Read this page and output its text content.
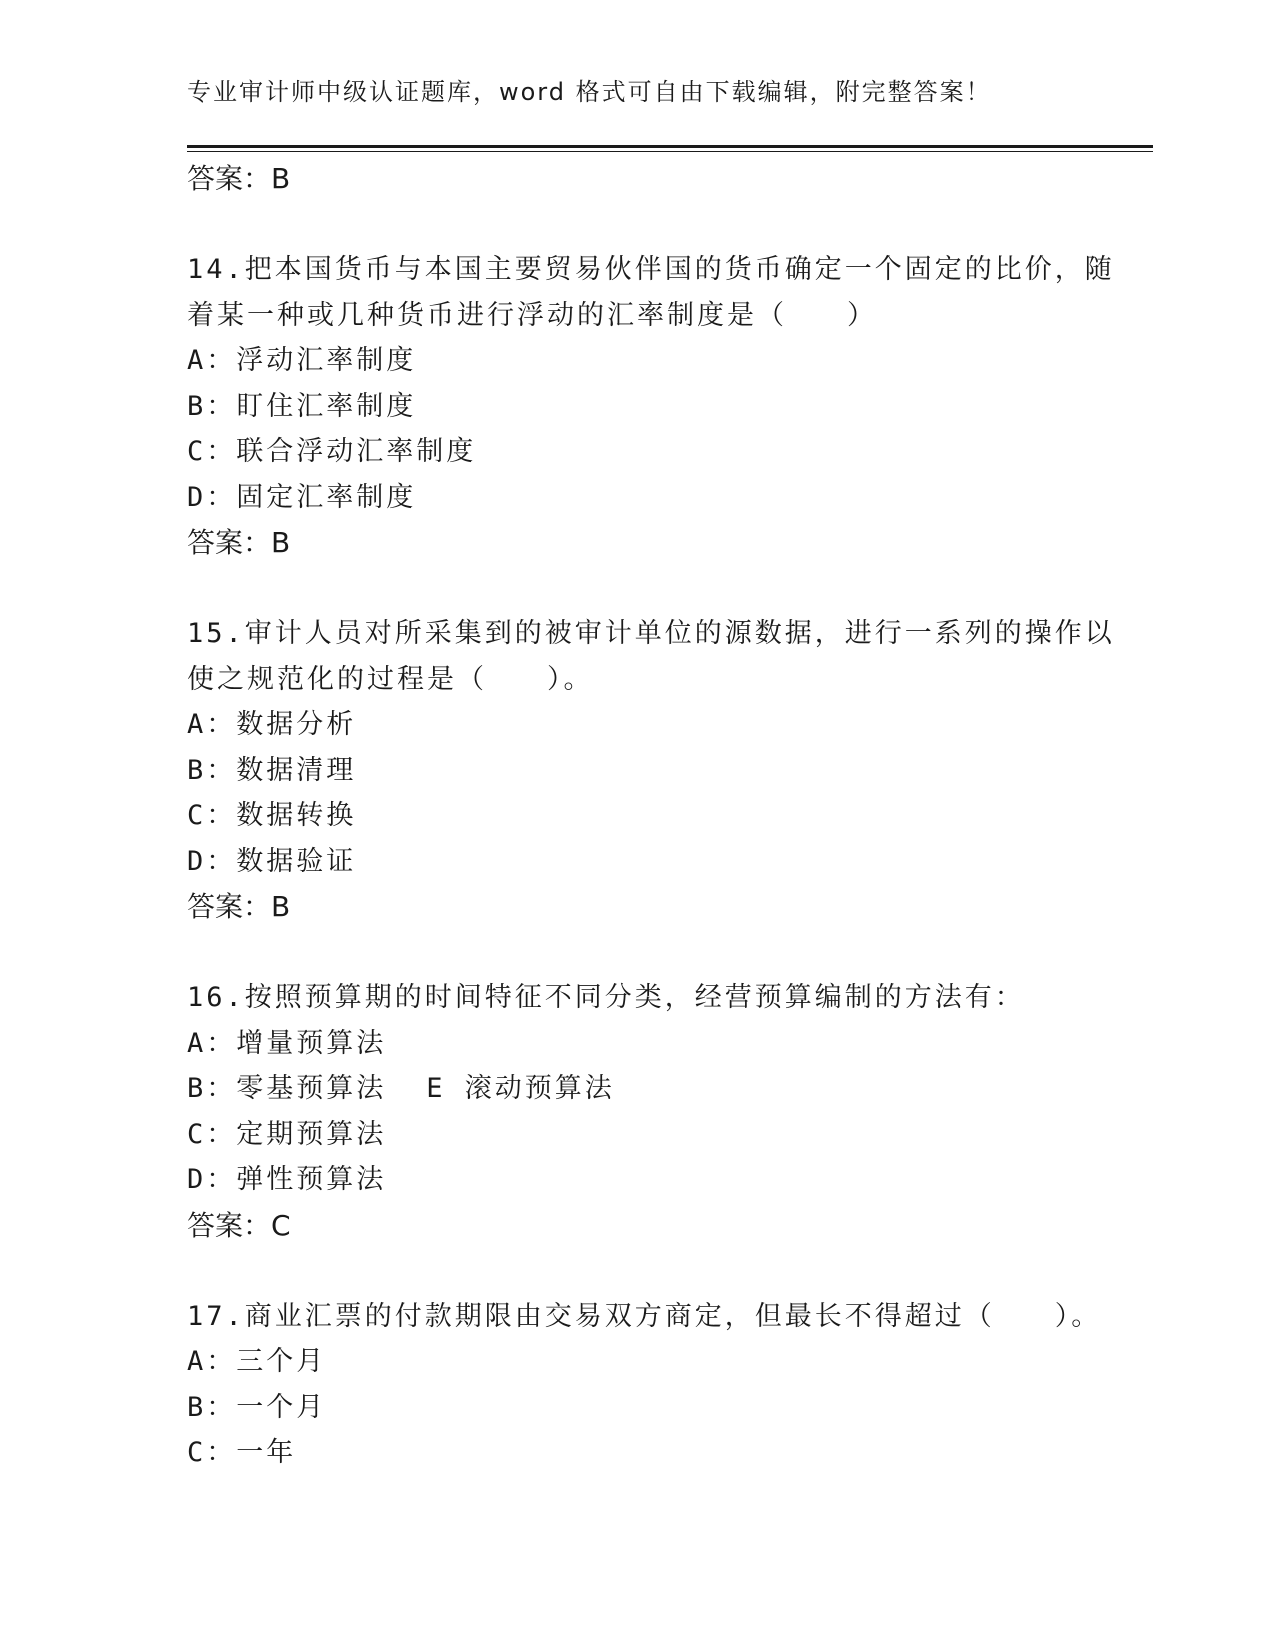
专业审计师中级认证题库，word 格式可自由下载编辑，附完整答案！
答案：B
14.把本国货币与本国主要贸易伙伴国的货币确定一个固定的比价，随
着某一种或几种货币进行浮动的汇率制度是（　　）
A：浮动汇率制度
B：盯住汇率制度
C：联合浮动汇率制度
D：固定汇率制度
答案：B
15.审计人员对所采集到的被审计单位的源数据，进行一系列的操作以
使之规范化的过程是（　　）。
A：数据分析
B：数据清理
C：数据转换
D：数据验证
答案：B
16.按照预算期的时间特征不同分类，经营预算编制的方法有：
A：增量预算法
B：零基预算法 E 滚动预算法
C：定期预算法
D：弹性预算法
答案：C
17.商业汇票的付款期限由交易双方商定，但最长不得超过（　　）。
A：三个月
B：一个月
C：一年
